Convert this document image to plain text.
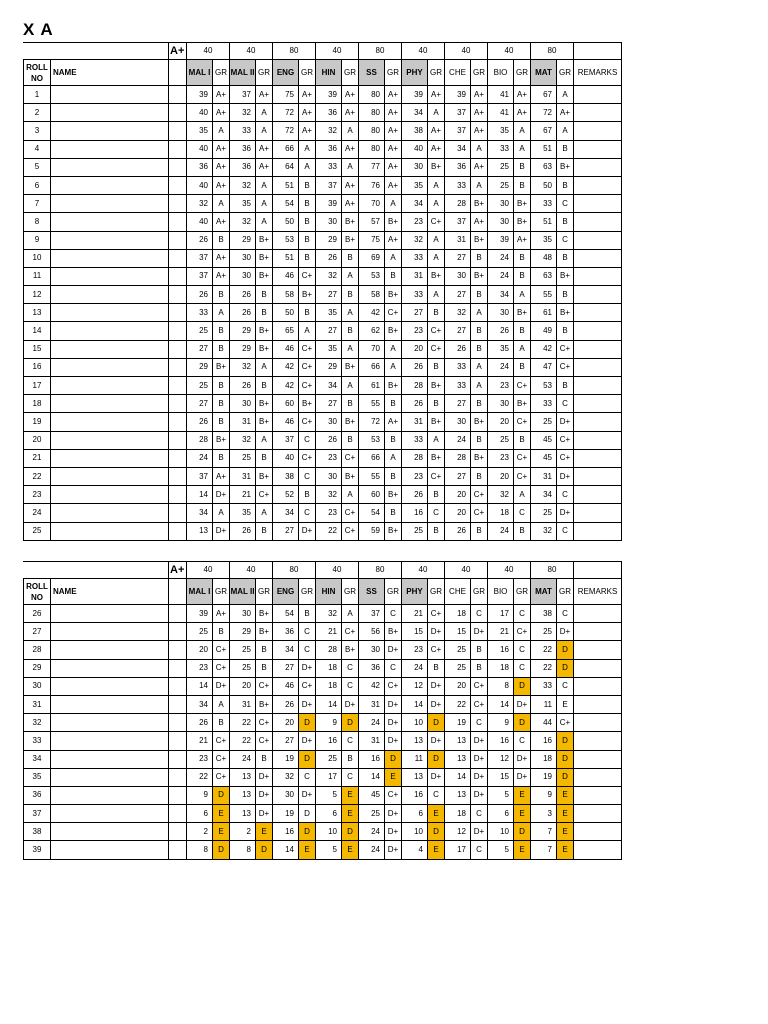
X A
		A+	40		40		80		40		80		40		40		40		80		
ROLL
NO	NAME		MAL I	GR	MAL II	GR	ENG	GR	HIN	GR	SS	GR	PHY	GR	CHE	GR	BIO	GR	MAT	GR	REMARKS
1			39	A+	37	A+	75	A+	39	A+	80	A+	39	A+	39	A+	41	A+	67	A	
2			40	A+	32	A	72	A+	36	A+	80	A+	34	A	37	A+	41	A+	72	A+	
3			35	A	33	A	72	A+	32	A	80	A+	38	A+	37	A+	35	A	67	A	
4			40	A+	36	A+	66	A	36	A+	80	A+	40	A+	34	A	33	A	51	B	
5			36	A+	36	A+	64	A	33	A	77	A+	30	B+	36	A+	25	B	63	B+	
6			40	A+	32	A	51	B	37	A+	76	A+	35	A	33	A	25	B	50	B	
7			32	A	35	A	54	B	39	A+	70	A	34	A	28	B+	30	B+	33	C	
8			40	A+	32	A	50	B	30	B+	57	B+	23	C+	37	A+	30	B+	51	B	
9			26	B	29	B+	53	B	29	B+	75	A+	32	A	31	B+	39	A+	35	C	
10			37	A+	30	B+	51	B	26	B	69	A	33	A	27	B	24	B	48	B	
11			37	A+	30	B+	46	C+	32	A	53	B	31	B+	30	B+	24	B	63	B+	
12			26	B	26	B	58	B+	27	B	58	B+	33	A	27	B	34	A	55	B	
13			33	A	26	B	50	B	35	A	42	C+	27	B	32	A	30	B+	61	B+	
14			25	B	29	B+	65	A	27	B	62	B+	23	C+	27	B	26	B	49	B	
15			27	B	29	B+	46	C+	35	A	70	A	20	C+	26	B	35	A	42	C+	
16			29	B+	32	A	42	C+	29	B+	66	A	26	B	33	A	24	B	47	C+	
17			25	B	26	B	42	C+	34	A	61	B+	28	B+	33	A	23	C+	53	B	
18			27	B	30	B+	60	B+	27	B	55	B	26	B	27	B	30	B+	33	C	
19			26	B	31	B+	46	C+	30	B+	72	A+	31	B+	30	B+	20	C+	25	D+	
20			28	B+	32	A	37	C	26	B	53	B	33	A	24	B	25	B	45	C+	
21			24	B	25	B	40	C+	23	C+	66	A	28	B+	28	B+	23	C+	45	C+	
22			37	A+	31	B+	38	C	30	B+	55	B	23	C+	27	B	20	C+	31	D+	
23			14	D+	21	C+	52	B	32	A	60	B+	26	B	20	C+	32	A	34	C	
24			34	A	35	A	34	C	23	C+	54	B	16	C	20	C+	18	C	25	D+	
25			13	D+	26	B	27	D+	22	C+	59	B+	25	B	26	B	24	B	32	C	
		A+	40		40		80		40		80		40		40		40		80		
ROLL
NO	NAME		MAL I	GR	MAL II	GR	ENG	GR	HIN	GR	SS	GR	PHY	GR	CHE	GR	BIO	GR	MAT	GR	REMARKS
26			39	A+	30	B+	54	B	32	A	37	C	21	C+	18	C	17	C	38	C	
27			25	B	29	B+	36	C	21	C+	56	B+	15	D+	15	D+	21	C+	25	D+	
28			20	C+	25	B	34	C	28	B+	30	D+	23	C+	25	B	16	C	22	D	
29			23	C+	25	B	27	D+	18	C	36	C	24	B	25	B	18	C	22	D	
30			14	D+	20	C+	46	C+	18	C	42	C+	12	D+	20	C+	8	D	33	C	
31			34	A	31	B+	26	D+	14	D+	31	D+	14	D+	22	C+	14	D+	11	E	
32			26	B	22	C+	20	D	9	D	24	D+	10	D	19	C	9	D	44	C+	
33			21	C+	22	C+	27	D+	16	C	31	D+	13	D+	13	D+	16	C	16	D	
34			23	C+	24	B	19	D	25	B	16	D	11	D	13	D+	12	D+	18	D	
35			22	C+	13	D+	32	C	17	C	14	E	13	D+	14	D+	15	D+	19	D	
36			9	D	13	D+	30	D+	5	E	45	C+	16	C	13	D+	5	E	9	E	
37			6	E	13	D+	19	D	6	E	25	D+	6	E	18	C	6	E	3	E	
38			2	E	2	E	16	D	10	D	24	D+	10	D	12	D+	10	D	7	E	
39			8	D	8	D	14	E	5	E	24	D+	4	E	17	C	5	E	7	E	
